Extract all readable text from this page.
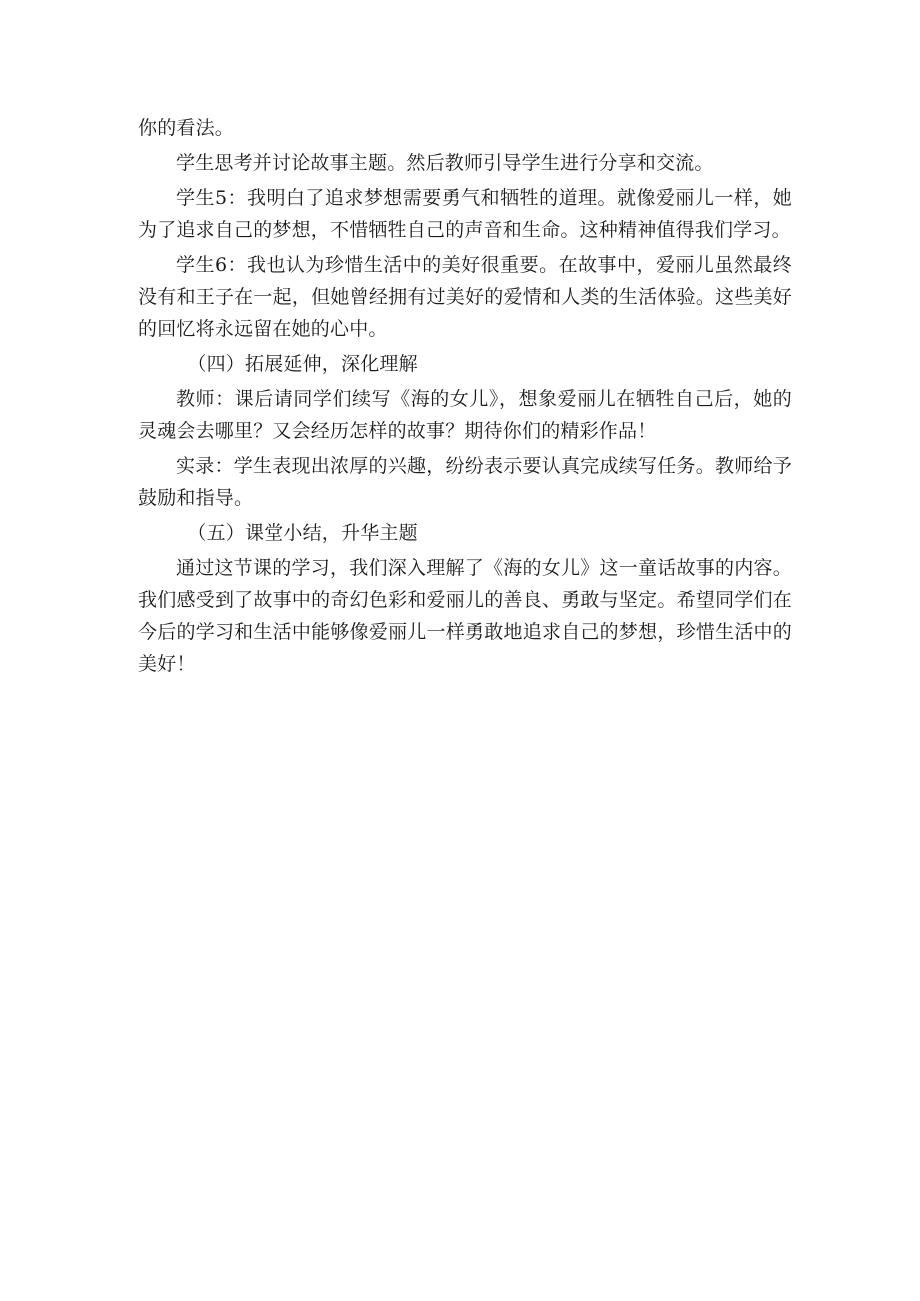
你的看法。

学生思考并讨论故事主题。然后教师引导学生进行分享和交流。

学生5：我明白了追求梦想需要勇气和牺牲的道理。就像爱丽儿一样，她为了追求自己的梦想，不惜牺牲自己的声音和生命。这种精神值得我们学习。

学生6：我也认为珍惜生活中的美好很重要。在故事中，爱丽儿虽然最终没有和王子在一起，但她曾经拥有过美好的爱情和人类的生活体验。这些美好的回忆将永远留在她的心中。

（四）拓展延伸，深化理解

教师：课后请同学们续写《海的女儿》，想象爱丽儿在牺牲自己后，她的灵魂会去哪里？又会经历怎样的故事？期待你们的精彩作品！

实录：学生表现出浓厚的兴趣，纷纷表示要认真完成续写任务。教师给予鼓励和指导。

（五）课堂小结，升华主题

通过这节课的学习，我们深入理解了《海的女儿》这一童话故事的内容。我们感受到了故事中的奇幻色彩和爱丽儿的善良、勇敢与坚定。希望同学们在今后的学习和生活中能够像爱丽儿一样勇敢地追求自己的梦想，珍惜生活中的美好！
